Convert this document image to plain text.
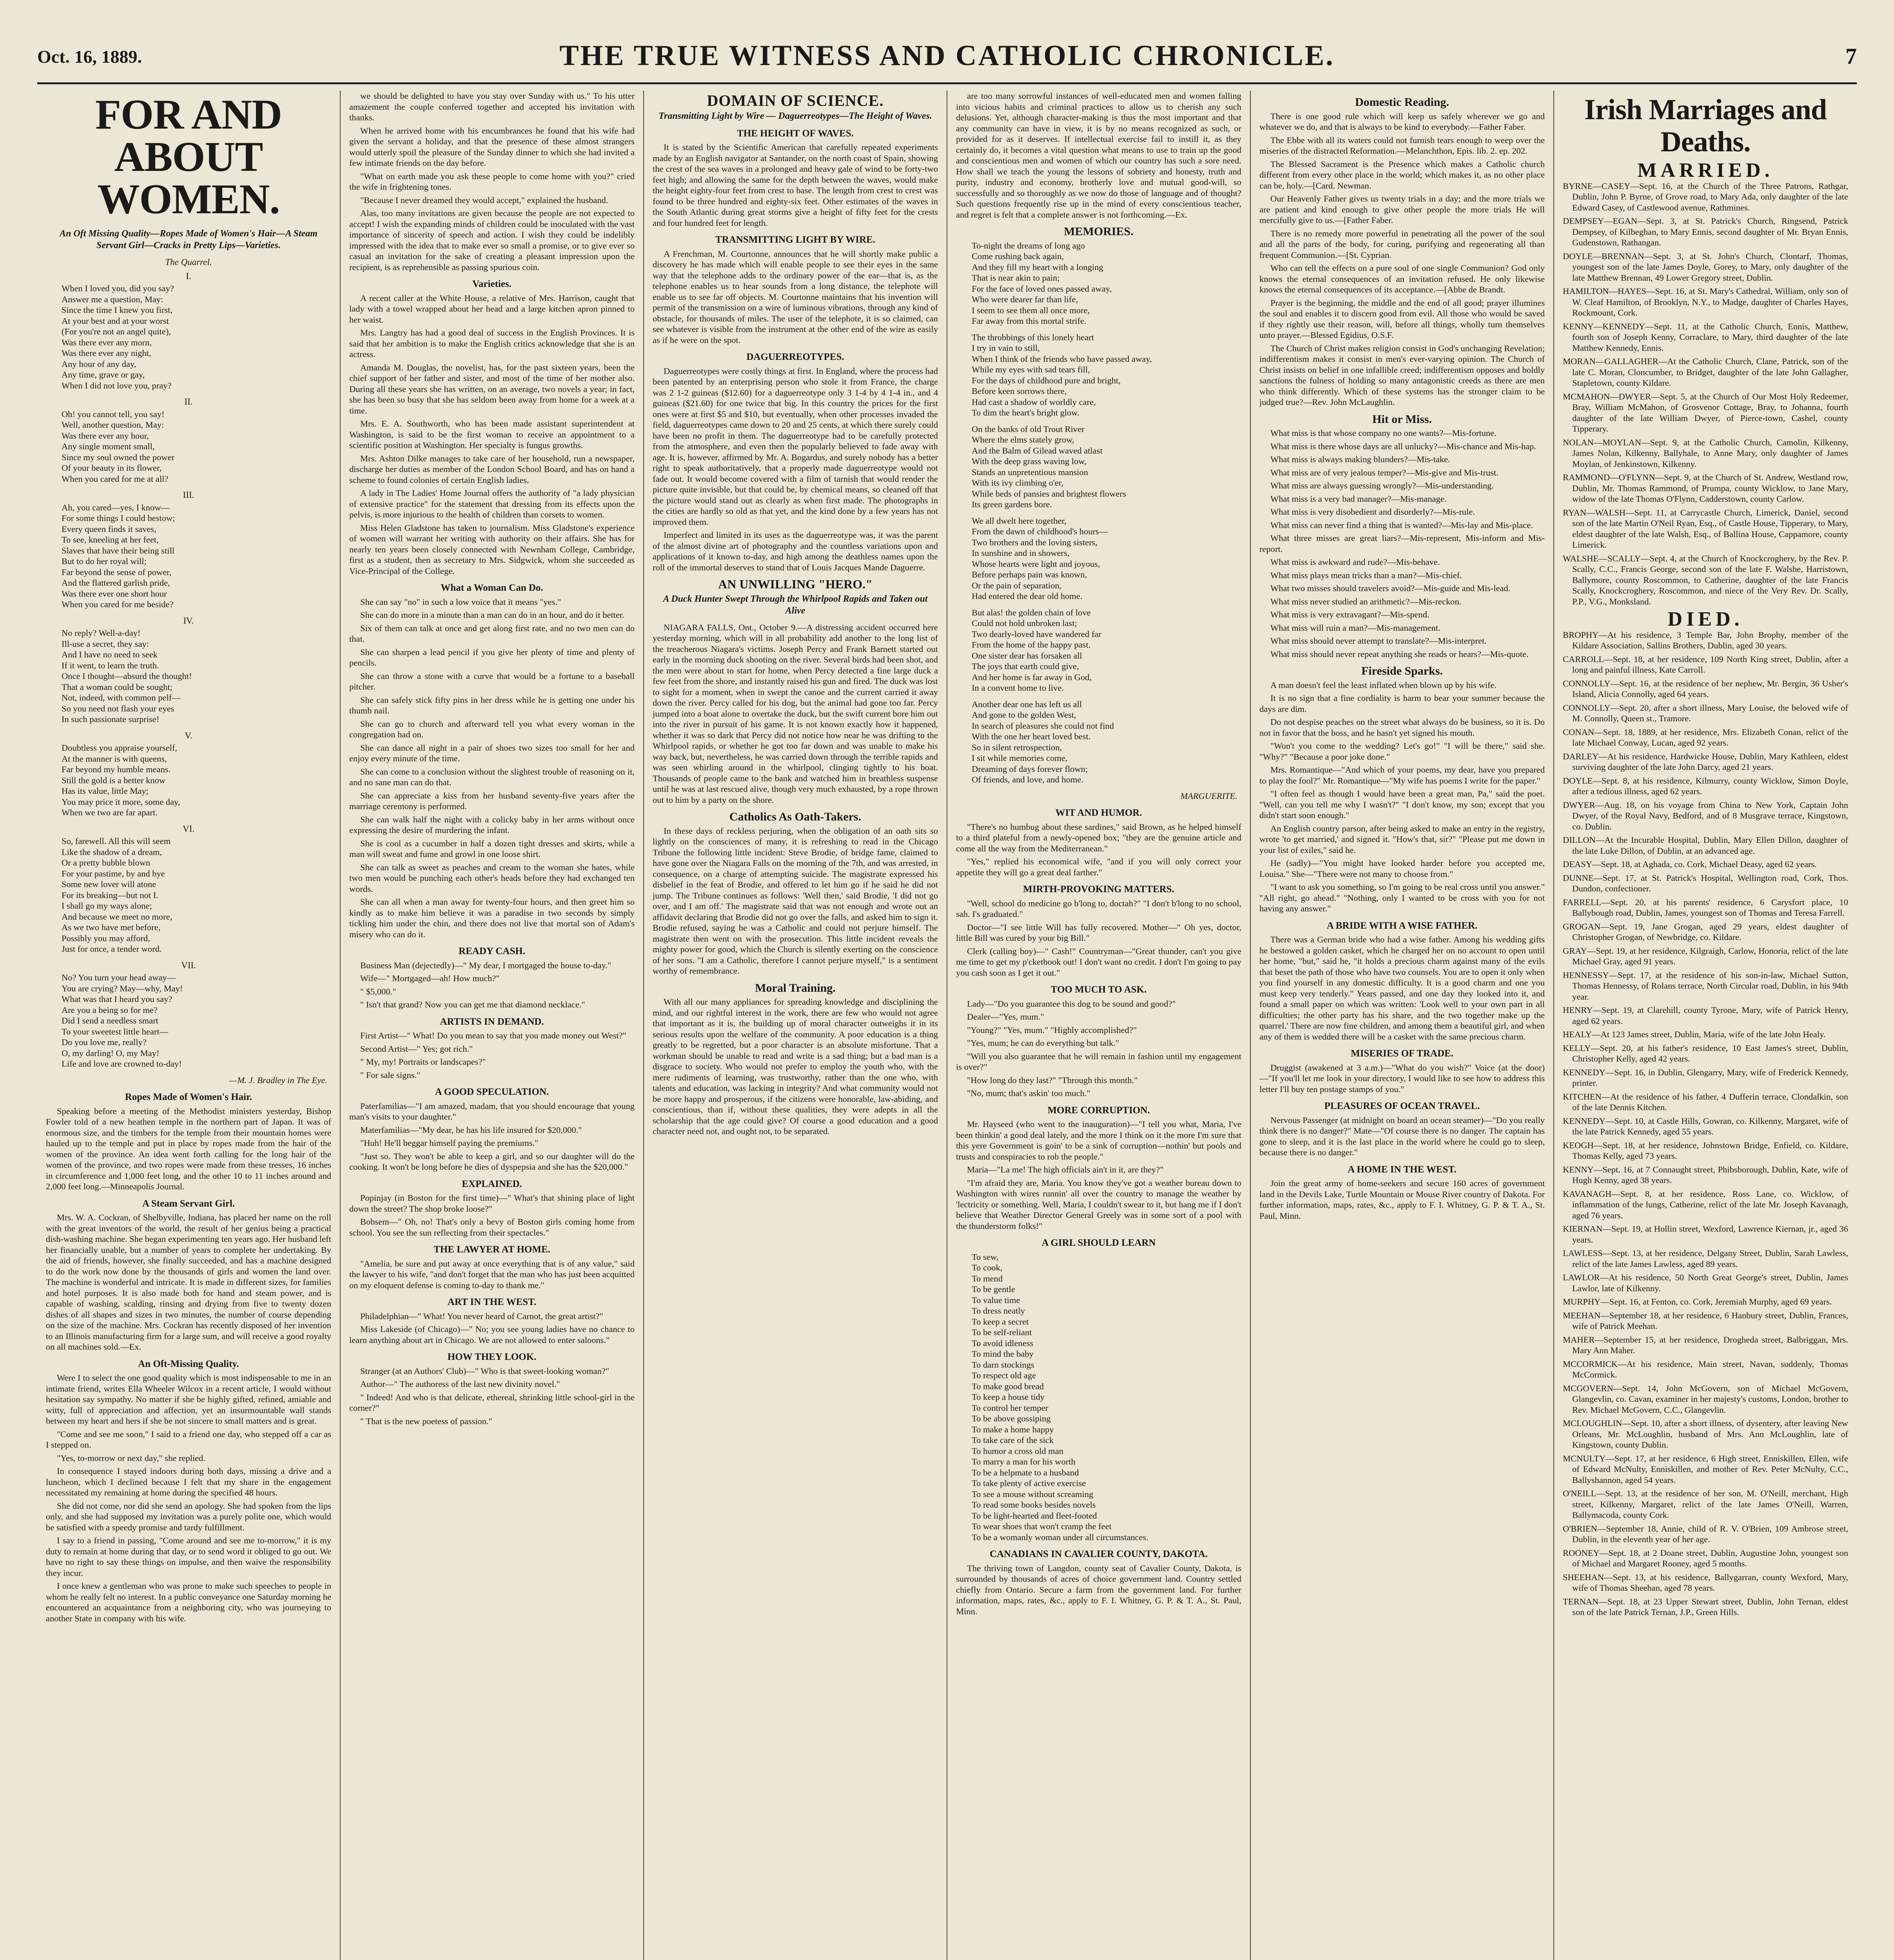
Oct. 16, 1889.	THE TRUE WITNESS AND CATHOLIC CHRONICLE.	7
FOR AND ABOUT WOMEN.
An Oft Missing Quality—Ropes Made of Women's Hair—A Steam Servant Girl—Cracks in Pretty Lips—Varieties.
The Quarrel.
I.
When I loved you, did you say?
Answer me a question, May:
Since the time I knew you first,
At your best and at your worst
(For you're not an angel quite),
Was there ever any morn,
Was there ever any night,
Any hour of any day,
Any time, grave or gay,
When I did not love you, pray?
II.
Oh! you cannot tell, you say!
Well, another question, May:
Was there ever any hour,
Any single moment small,
Since my soul owned the power
Of your beauty in its flower,
When you cared for me at all?
III.
Ah, you cared—yes, I know—
For some things I could bestow;
Every queen finds it saves,
To see, kneeling at her feet,
Slaves that have their being still
But to do her royal will;
Far beyond the sense of power,
And the flattered garlish pride,
Was there ever one short hour
When you cared for me beside?
IV.
No reply? Well-a-day!
Ill-use a secret, they say:
And I have no need to seek
If it went, to learn the truth.
Once I thought—absurd the thought!
That a woman could be sought;
Not, indeed, with common pelf—
So you need not flash your eyes
In such passionate surprise!
V.
Doubtless you appraise yourself,
At the manner is with queens,
Far beyond my humble means.
Still the gold is a better know
Has its value, little May;
You may price it more, some day,
When we two are far apart.
VI.
So, farewell. All this will seem
Like the shadow of a dream,
Or a pretty bubble blown
For your pastime, by and bye
Some new lover will atone
For its breaking—but not I.
I shall go my ways alone;
And because we meet no more,
As we two have met before,
Possibly you may afford,
Just for once, a tender word.
VII.
No? You turn your head away—
You are crying? May—why, May!
What was that I heard you say?
Are you a being so for me?
Did I send a needless smart
To your sweetest little heart—
Do you love me, really?
O, my darling! O, my May!
Life and love are crowned to-day!
—M. J. Bradley in The Eye.
Ropes Made of Women's Hair.

Speaking before a meeting of the Methodist ministers yesterday, Bishop Fowler told of a new heathen temple in the northern part of Japan. It was of enormous size, and the timbers for the temple from their mountain homes were hauled up to the temple and put in place by ropes made from the hair of the women of the province. An idea went forth calling for the long hair of the women of the province, and two ropes were made from these tresses, 16 inches in circumference and 1,000 feet long, and the other 10 to 11 inches around and 2,000 feet long.—Minneapolis Journal.

A Steam Servant Girl.

Mrs. W. A. Cockran, of Shelbyville, Indiana, has placed her name on the roll with the great inventors of the world, the result of her genius being a practical dish-washing machine. She began experimenting ten years ago. Her husband left her financially unable, but a number of years to complete her undertaking. By the aid of friends, however, she finally succeeded, and has a machine designed to do the work now done by the thousands of girls and women the land over. The machine is wonderful and intricate. It is made in different sizes, for families and hotel purposes. It is also made both for hand and steam power, and is capable of washing, scalding, rinsing and drying from five to twenty dozen dishes of all shapes and sizes in two minutes, the number of course depending on the size of the machine. Mrs. Cockran has recently disposed of her invention to an Illinois manufacturing firm for a large sum, and will receive a good royalty on all machines sold.—Ex.

An Oft-Missing Quality.

Were I to select the one good quality which is most indispensable to me in an intimate friend, writes Ella Wheeler Wilcox in a recent article, I would without hesitation say sympathy. No matter if she be highly gifted, refined, amiable and witty, full of appreciation and affection, yet an insurmountable wall stands between my heart and hers if she be not sincere to small matters and is great.

"Come and see me soon," I said to a friend one day, who stepped off a car as I stepped on.

"Yes, to-morrow or next day," she replied.

In consequence I stayed indoors during both days, missing a drive and a luncheon, which I declined because I felt that my share in the engagement necessitated my remaining at home during the specified 48 hours.

She did not come, nor did she send an apology. She had spoken from the lips only, and she had supposed my invitation was a purely polite one, which would be satisfied with a speedy promise and tardy fulfillment.

I say to a friend in passing, "Come around and see me to-morrow," it is my duty to remain at home during that day, or to send word it obliged to go out. We have no right to say these things on impulse, and then waive the responsibility they incur.

I once knew a gentleman who was prone to make such speeches to people in whom he really felt no interest. In a public conveyance one Saturday morning he encountered an acquaintance from a neighboring city, who was journeying to another State in company with his wife.

we should be delighted to have you stay over Sunday with us." To his utter amazement the couple conferred together and accepted his invitation with thanks.

When he arrived home with his encumbrances he found that his wife had given the servant a holiday, and that the presence of these almost strangers would utterly spoil the pleasure of the Sunday dinner to which she had invited a few intimate friends on the day before.

"What on earth made you ask these people to come home with you?" cried the wife in frightening tones.

"Because I never dreamed they would accept," explained the husband.

Alas, too many invitations are given because the people are not expected to accept! I wish the expanding minds of children could be inoculated with the vast importance of sincerity of speech and action. I wish they could be indelibly impressed with the idea that to make ever so small a promise, or to give ever so casual an invitation for the sake of creating a pleasant impression upon the recipient, is as reprehensible as passing spurious coin.

Varieties.

A recent caller at the White House, a relative of Mrs. Harrison, caught that lady with a towel wrapped about her head and a large kitchen apron pinned to her waist.

Mrs. Langtry has had a good deal of success in the English Provinces. It is said that her ambition is to make the English critics acknowledge that she is an actress.

Amanda M. Douglas, the novelist, has, for the past sixteen years, been the chief support of her father and sister, and most of the time of her mother also. During all these years she has written, on an average, two novels a year; in fact, she has been so busy that she has seldom been away from home for a week at a time.

Mrs. E. A. Southworth, who has been made assistant superintendent at Washington, is said to be the first woman to receive an appointment to a scientific position at Washington. Her specialty is fungus growths.

Mrs. Ashton Dilke manages to take care of her household, run a newspaper, discharge her duties as member of the London School Board, and has on hand a scheme to found colonies of certain English ladies.

A lady in The Ladies' Home Journal offers the authority of "a lady physician of extensive practice" for the statement that dressing from its effects upon the pelvis, is more injurious to the health of children than corsets to women.

Miss Helen Gladstone has taken to journalism. Miss Gladstone's experience of women will warrant her writing with authority on their affairs. She has for nearly ten years been closely connected with Newnham College, Cambridge, first as a student, then as secretary to Mrs. Sidgwick, whom she succeeded as Vice-Principal of the College.

What a Woman Can Do.

She can say "no" in such a low voice that it means "yes."

She can do more in a minute than a man can do in an hour, and do it better.

Six of them can talk at once and get along first rate, and no two men can do that.

She can sharpen a lead pencil if you give her plenty of time and plenty of pencils.

She can throw a stone with a curve that would be a fortune to a baseball pitcher.

She can safely stick fifty pins in her dress while he is getting one under his thumb nail.

She can go to church and afterward tell you what every woman in the congregation had on.

She can dance all night in a pair of shoes two sizes too small for her and enjoy every minute of the time.

She can come to a conclusion without the slightest trouble of reasoning on it, and no sane man can do that.

She can appreciate a kiss from her husband seventy-five years after the marriage ceremony is performed.

She can walk half the night with a colicky baby in her arms without once expressing the desire of murdering the infant.

She is cool as a cucumber in half a dozen tight dresses and skirts, while a man will sweat and fume and growl in one loose shirt.

She can talk as sweet as peaches and cream to the woman she hates, while two men would be punching each other's heads before they had exchanged ten words.

She can all when a man away for twenty-four hours, and then greet him so kindly as to make him believe it was a paradise in two seconds by simply tickling him under the chin, and there does not live that mortal son of Adam's misery who can do it.

READY CASH.

Business Man (dejectedly)—" My dear, I mortgaged the house to-day."

Wife—" Mortgaged—ah! How much?"

" $5,000."

" Isn't that grand? Now you can get me that diamond necklace."

ARTISTS IN DEMAND.

First Artist—" What! Do you mean to say that you made money out West?"

Second Artist—" Yes; got rich."

" My, my! Portraits or landscapes?"

" For sale signs."

A GOOD SPECULATION.

Paterfamilias—"I am amazed, madam, that you should encourage that young man's visits to your daughter."

Materfamilias—"My dear, he has his life insured for $20,000."

"Huh! He'll beggar himself paying the premiums."

"Just so. They won't be able to keep a girl, and so our daughter will do the cooking. It won't be long before he dies of dyspepsia and she has the $20,000."

EXPLAINED.

Popinjay (in Boston for the first time)—" What's that shining place of light down the street? The shop broke loose?"

Bobsem—" Oh, no! That's only a bevy of Boston girls coming home from school. You see the sun reflecting from their spectacles."

THE LAWYER AT HOME.

"Amelia, be sure and put away at once everything that is of any value," said the lawyer to his wife, "and don't forget that the man who has just been acquitted on my eloquent defense is coming to-day to thank me."

ART IN THE WEST.

Philadelphian—" What! You never heard of Carnot, the great artist?"

Miss Lakeside (of Chicago)—" No; you see young ladies have no chance to learn anything about art in Chicago. We are not allowed to enter saloons."

HOW THEY LOOK.

Stranger (at an Authors' Club)—" Who is that sweet-looking woman?"

Author—" The authoress of the last new divinity novel."

" Indeed! And who is that delicate, ethereal, shrinking little school-girl in the corner?"

" That is the new poetess of passion."

DOMAIN OF SCIENCE.
Transmitting Light by Wire — Daguerreotypes—The Height of Waves.
THE HEIGHT OF WAVES.

It is stated by the Scientific American that carefully repeated experiments made by an English navigator at Santander, on the north coast of Spain, showing the crest of the sea waves in a prolonged and heavy gale of wind to be forty-two feet high; and allowing the same for the depth between the waves, would make the height eighty-four feet from crest to base. The length from crest to crest was found to be three hundred and eighty-six feet. Other estimates of the waves in the South Atlantic during great storms give a height of fifty feet for the crests and four hundred feet for length.

TRANSMITTING LIGHT BY WIRE.

A Frenchman, M. Courtonne, announces that he will shortly make public a discovery he has made which will enable people to see their eyes in the same way that the telephone adds to the ordinary power of the ear—that is, as the telephone enables us to hear sounds from a long distance, the telephote will enable us to see far off objects. M. Courtonne maintains that his invention will permit of the transmission on a wire of luminous vibrations, through any kind of obstacle, for thousands of miles. The user of the telephote, it is so claimed, can see whatever is visible from the instrument at the other end of the wire as easily as if he were on the spot.

DAGUERREOTYPES.

Daguerreotypes were costly things at first. In England, where the process had been patented by an enterprising person who stole it from France, the charge was 2 1-2 guineas ($12.60) for a daguerreotype only 3 1-4 by 4 1-4 in., and 4 guineas ($21.60) for one twice that big. In this country the prices for the first ones were at first $5 and $10, but eventually, when other processes invaded the field, daguerreotypes came down to 20 and 25 cents, at which there surely could have been no profit in them. The daguerreotype had to be carefully protected from the atmosphere, and even then the popularly believed to fade away with age. It is, however, affirmed by Mr. A. Bogardus, and surely nobody has a better right to speak authoritatively, that a properly made daguerreotype would not fade out. It would become covered with a film of tarnish that would render the picture quite invisible, but that could be, by chemical means, so cleaned off that the picture would stand out as clearly as when first made. The photographs in the cities are hardly so old as that yet, and the kind done by a few years has not improved them.

Imperfect and limited in its uses as the daguerreotype was, it was the parent of the almost divine art of photography and the countless variations upon and applications of it known to-day, and high among the deathless names upon the roll of the immortal deserves to stand that of Louis Jacques Mande Daguerre.

AN UNWILLING "HERO."
A Duck Hunter Swept Through the Whirlpool Rapids and Taken out Alive

NIAGARA FALLS, Ont., October 9.—A distressing accident occurred here yesterday morning, which will in all probability add another to the long list of the treacherous Niagara's victims. Joseph Percy and Frank Barnett started out early in the morning duck shooting on the river. Several birds had been shot, and the men were about to start for home, when Percy detected a fine large duck a few feet from the shore, and instantly raised his gun and fired. The duck was lost to sight for a moment, when in swept the canoe and the current carried it away down the river. Percy called for his dog, but the animal had gone too far. Percy jumped into a boat alone to overtake the duck, but the swift current bore him out into the river in pursuit of his game. It is not known exactly how it happened, whether it was so dark that Percy did not notice how near he was drifting to the Whirlpool rapids, or whether he got too far down and was unable to make his way back, but, nevertheless, he was carried down through the terrible rapids and was seen whirling around in the whirlpool, clinging tightly to his boat. Thousands of people came to the bank and watched him in breathless suspense until he was at last rescued alive, though very much exhausted, by a rope thrown out to him by a party on the shore.

Catholics As Oath-Takers.

In these days of reckless perjuring, when the obligation of an oath sits so lightly on the consciences of many, it is refreshing to read in the Chicago Tribune the following little incident: Steve Brodie, of bridge fame, claimed to have gone over the Niagara Falls on the morning of the 7th, and was arrested, in consequence, on a charge of attempting suicide. The magistrate expressed his disbelief in the feat of Brodie, and offered to let him go if he said he did not jump. The Tribune continues as follows: 'Well then,' said Brodie, 'I did not go over, and I am off.' The magistrate said that was not enough and wrote out an affidavit declaring that Brodie did not go over the falls, and asked him to sign it. Brodie refused, saying he was a Catholic and could not perjure himself. The magistrate then went on with the prosecution. This little incident reveals the mighty power for good, which the Church is silently exerting on the conscience of her sons. "I am a Catholic, therefore I cannot perjure myself," is a sentiment worthy of remembrance.

Moral Training.

With all our many appliances for spreading knowledge and disciplining the mind, and our rightful interest in the work, there are few who would not agree that important as it is, the building up of moral character outweighs it in its serious results upon the welfare of the community. A poor education is a thing greatly to be regretted, but a poor character is an absolute misfortune. That a workman should be unable to read and write is a sad thing; but a bad man is a disgrace to society. Who would not prefer to employ the youth who, with the mere rudiments of learning, was trustworthy, rather than the one who, with talents and education, was lacking in integrity? And what community would not be more happy and prosperous, if the citizens were honorable, law-abiding, and conscientious, than if, without these qualities, they were adepts in all the scholarship that the age could give? Of course a good education and a good character need not, and ought not, to be separated.

are too many sorrowful instances of well-educated men and women falling into vicious habits and criminal practices to allow us to cherish any such delusions. Yet, although character-making is thus the most important and that any community can have in view, it is by no means recognized as such, or provided for as it deserves. If intellectual exercise fail to instill it, as they certainly do, it becomes a vital question what means to use to train up the good and conscientious men and women of which our country has such a sore need. How shall we teach the young the lessons of sobriety and honesty, truth and purity, industry and economy, brotherly love and mutual good-will, so successfully and so thoroughly as we now do those of language and of thought? Such questions frequently rise up in the mind of every conscientious teacher, and regret is felt that a complete answer is not forthcoming.—Ex.

MEMORIES.
To-night the dreams of long ago
Come rushing back again,
And they fill my heart with a longing
That is near akin to pain;
For the face of loved ones passed away,
Who were dearer far than life,
I seem to see them all once more,
Far away from this mortal strife.
The throbbings of this lonely heart
I try in vain to still,
When I think of the friends who have passed away,
While my eyes with sad tears fill,
For the days of childhood pure and bright,
Before keen sorrows there,
Had cast a shadow of worldly care,
To dim the heart's bright glow.
On the banks of old Trout River
Where the elms stately grow,
And the Balm of Gilead waved atlast
With the deep grass waving low,
Stands an unpretentious mansion
With its ivy climbing o'er,
While beds of pansies and brightest flowers
Its green gardens bore.
We all dwelt here together,
From the dawn of childhood's hours—
Two brothers and the loving sisters,
In sunshine and in showers,
Whose hearts were light and joyous,
Before perhaps pain was known,
Or the pain of separation,
Had entered the dear old home.
But alas! the golden chain of love
Could not hold unbroken last;
Two dearly-loved have wandered far
From the home of the happy past.
One sister dear has forsaken all
The joys that earth could give,
And her home is far away in God,
In a convent home to live.
Another dear one has left us all
And gone to the golden West,
In search of pleasures she could not find
With the one her heart loved best.
So in silent retrospection,
I sit while memories come,
Dreaming of days forever flown;
Of friends, and love, and home.
MARGUERITE.
WIT AND HUMOR.

"There's no humbug about these sardines," said Brown, as he helped himself to a third plateful from a newly-opened box; "they are the genuine article and come all the way from the Mediterranean."

"Yes," replied his economical wife, "and if you will only correct your appetite they will go a great deal farther."

MIRTH-PROVOKING MATTERS.

"Well, school do medicine go b'long to, doctah?" "I don't b'long to no school, sah. I's graduated."

Doctor—"I see little Will has fully recovered. Mother—" Oh yes, doctor, little Bill was cured by your big Bill."

Clerk (calling boy)—" Cash!" Countryman—"Great thunder, can't you give me time to get my p'cketbook out! I don't want no credit. I don't I'm going to pay you cash soon as I get it out."

TOO MUCH TO ASK.

Lady—"Do you guarantee this dog to be sound and good?"

Dealer—"Yes, mum."

"Young?" "Yes, mum." "Highly accomplished?"

"Yes, mum; he can do everything but talk."

"Will you also guarantee that he will remain in fashion until my engagement is over?"

"How long do they last?" "Through this month."

"No, mum; that's askin' too much."

MORE CORRUPTION.

Mr. Hayseed (who went to the inauguration)—"I tell you what, Maria, I've been thinkin' a good deal lately, and the more I think on it the more I'm sure that this yere Government is goin' to be a sink of corruption—nothin' but pools and trusts and conspiracies to rob the people."

Maria—"La me! The high officials ain't in it, are they?"

"I'm afraid they are, Maria. You know they've got a weather bureau down to Washington with wires runnin' all over the country to manage the weather by 'lectricity or something. Well, Maria, I couldn't swear to it, but hang me if I don't believe that Weather Director General Greely was in some sort of a pool with the thunderstorm folks!"

A GIRL SHOULD LEARN
To sew,
To cook,
To mend
To be gentle
To value time
To dress neatly
To keep a secret
To be self-reliant
To avoid idleness
To mind the baby
To darn stockings
To respect old age
To make good bread
To keep a house tidy
To control her temper
To be above gossiping
To make a home happy
To take care of the sick
To humor a cross old man
To marry a man for his worth
To be a helpmate to a husband
To take plenty of active exercise
To see a mouse without screaming
To read some books besides novels
To be light-hearted and fleet-footed
To wear shoes that won't cramp the feet
To be a womanly woman under all circumstances.
CANADIANS IN CAVALIER COUNTY, DAKOTA.

The thriving town of Langdon, county seat of Cavalier County, Dakota, is surrounded by thousands of acres of choice government land. Country settled chiefly from Ontario. Secure a farm from the government land. For further information, maps, rates, &c., apply to F. I. Whitney, G. P. & T. A., St. Paul, Minn.

Domestic Reading.

There is one good rule which will keep us safely wherever we go and whatever we do, and that is always to be kind to everybody.—Father Faber.

The Ebbe with all its waters could not furnish tears enough to weep over the miseries of the distracted Reformation.—Melanchthon, Epis. lib. 2. ep. 202.

The Blessed Sacrament is the Presence which makes a Catholic church different from every other place in the world; which makes it, as no other place can be, holy.—[Card. Newman.

Our Heavenly Father gives us twenty trials in a day; and the more trials we are patient and kind enough to give other people the more trials He will mercifully give to us.—[Father Faber.

There is no remedy more powerful in penetrating all the power of the soul and all the parts of the body, for curing, purifying and regenerating all than frequent Communion.—[St. Cyprian.

Who can tell the effects on a pure soul of one single Communion? God only knows the eternal consequences of an invitation refused. He only likewise knows the eternal consequences of its acceptance.—[Abbe de Brandt.

Prayer is the beginning, the middle and the end of all good; prayer illumines the soul and enables it to discern good from evil. All those who would be saved if they rightly use their reason, will, before all things, wholly turn themselves unto prayer.—Blessed Egidius, O.S.F.

The Church of Christ makes religion consist in God's unchanging Revelation; indifferentism makes it consist in men's ever-varying opinion. The Church of Christ insists on belief in one infallible creed; indifferentism opposes and boldly sanctions the fulness of holding so many antagonistic creeds as there are men who think differently. Which of these systems has the stronger claim to be judged true?—Rev. John McLaughlin.

Hit or Miss.

What miss is that whose company no one wants?—Mis-fortune.

What miss is there whose days are all unlucky?—Mis-chance and Mis-hap.

What miss is always making blunders?—Mis-take.

What miss are of very jealous temper?—Mis-give and Mis-trust.

What miss are always guessing wrongly?—Mis-understanding.

What miss is a very bad manager?—Mis-manage.

What miss is very disobedient and disorderly?—Mis-rule.

What miss can never find a thing that is wanted?—Mis-lay and Mis-place.

What three misses are great liars?—Mis-represent, Mis-inform and Mis-report.

What miss is awkward and rude?—Mis-behave.

What miss plays mean tricks than a man?—Mis-chief.

What two misses should travelers avoid?—Mis-guide and Mis-lead.

What miss never studied an arithmetic?—Mis-reckon.

What miss is very extravagant?—Mis-spend.

What miss will ruin a man?—Mis-management.

What miss should never attempt to translate?—Mis-interpret.

What miss should never repeat anything she reads or hears?—Mis-quote.

Fireside Sparks.

A man doesn't feel the least inflated when blown up by his wife.

It is no sign that a fine cordiality is harm to bear your summer because the days are dim.

Do not despise peaches on the street what always do be business, so it is. Do not in favor that the boss, and he hasn't yet signed his mouth.

"Won't you come to the wedding? Let's go!" "I will be there," said she. "Why?" "Because a poor joke done."

Mrs. Romantique—"And which of your poems, my dear, have you prepared to play the fool?" Mr. Romantique—"My wife has poems I write for the paper."

"I often feel as though I would have been a great man, Pa," said the poet. "Well, can you tell me why I wasn't?" "I don't know, my son; except that you didn't start soon enough."

An English country parson, after being asked to make an entry in the registry, wrote 'to get married,' and signed it. "How's that, sir?" "Please put me down in your list of exiles," said he.

He (sadly)—"You might have looked harder before you accepted me, Louisa." She—"There were not many to choose from."

"I want to ask you something, so I'm going to be real cross until you answer." "All right, go ahead." "Nothing, only I wanted to be cross with you for not having any answer."

A BRIDE WITH A WISE FATHER.

There was a German bride who had a wise father. Among his wedding gifts he bestowed a golden casket, which he charged her on no account to open until her home, "but," said he, "it holds a precious charm against many of the evils that beset the path of those who have two counsels. You are to open it only when you find yourself in any domestic difficulty. It is a good charm and one you must keep very tenderly." Years passed, and one day they looked into it, and found a small paper on which was written: 'Look well to your own part in all difficulties; the other party has his share, and the two together make up the quarrel.' There are now fine children, and among them a beautiful girl, and when any of them is wedded there will be a casket with the same precious charm.

MISERIES OF TRADE.

Druggist (awakened at 3 a.m.)—"What do you wish?" Voice (at the door)—"If you'll let me look in your directory, I would like to see how to address this letter I'll buy ten postage stamps of you."

PLEASURES OF OCEAN TRAVEL.

Nervous Passenger (at midnight on board an ocean steamer)—"Do you really think there is no danger?" Mate—"Of course there is no danger. The captain has gone to sleep, and it is the last place in the world where he could go to sleep, because there is no danger."

A HOME IN THE WEST.

Join the great army of home-seekers and secure 160 acres of government land in the Devils Lake, Turtle Mountain or Mouse River country of Dakota. For further information, maps, rates, &c., apply to F. I. Whitney, G. P. & T. A., St. Paul, Minn.

Irish Marriages and Deaths.
MARRIED.

BYRNE—CASEY—Sept. 16, at the Church of the Three Patrons, Rathgar, Dublin, John P. Byrne, of Grove road, to Mary Ada, only daughter of the late Edward Casey, of Castlewood avenue, Rathmines.

DEMPSEY—EGAN—Sept. 3, at St. Patrick's Church, Ringsend, Patrick Dempsey, of Kilbeghan, to Mary Ennis, second daughter of Mr. Bryan Ennis, Gudenstown, Rathangan.

DOYLE—BRENNAN—Sept. 3, at St. John's Church, Clontarf, Thomas, youngest son of the late James Doyle, Gorey, to Mary, only daughter of the late Matthew Brennan, 49 Lower Gregory street, Dublin.

HAMILTON—HAYES—Sept. 16, at St. Mary's Cathedral, William, only son of W. Cleaf Hamilton, of Brooklyn, N.Y., to Madge, daughter of Charles Hayes, Rockmount, Cork.

KENNY—KENNEDY—Sept. 11, at the Catholic Church, Ennis, Matthew, fourth son of Joseph Kenny, Corraclare, to Mary, third daughter of the late Matthew Kennedy, Ennis.

MORAN—GALLAGHER—At the Catholic Church, Clane, Patrick, son of the late C. Moran, Cloncumber, to Bridget, daughter of the late John Gallagher, Stapletown, county Kildare.

MCMAHON—DWYER—Sept. 5, at the Church of Our Most Holy Redeemer, Bray, William McMahon, of Grosvenor Cottage, Bray, to Johanna, fourth daughter of the late William Dwyer, of Pierce-town, Cashel, county Tipperary.

NOLAN—MOYLAN—Sept. 9, at the Catholic Church, Camolin, Kilkenny, James Nolan, Kilkenny, Ballyhale, to Anne Mary, only daughter of James Moylan, of Jenkinstown, Kilkenny.

RAMMOND—O'FLYNN—Sept. 9, at the Church of St. Andrew, Westland row, Dublin, Mr. Thomas Rammond, of Prumpa, county Wicklow, to Jane Mary, widow of the late Thomas O'Flynn, Cadderstown, county Carlow.

RYAN—WALSH—Sept. 11, at Carrycastle Church, Limerick, Daniel, second son of the late Martin O'Neil Ryan, Esq., of Castle House, Tipperary, to Mary, eldest daughter of the late Walsh, Esq., of Ballina House, Cappamore, county Limerick.

WALSHE—SCALLY—Sept. 4, at the Church of Knockcroghery, by the Rev. P. Scally, C.C., Francis George, second son of the late F. Walshe, Harristown, Ballymore, county Roscommon, to Catherine, daughter of the late Francis Scally, Knockcroghery, Roscommon, and niece of the Very Rev. Dr. Scally, P.P., V.G., Monksland.

DIED.

BROPHY—At his residence, 3 Temple Bar, John Brophy, member of the Kildare Association, Sallins Brothers, Dublin, aged 30 years.

CARROLL—Sept. 18, at her residence, 109 North King street, Dublin, after a long and painful illness, Kate Carroll.

CONNOLLY—Sept. 16, at the residence of her nephew, Mr. Bergin, 36 Usher's Island, Alicia Connolly, aged 64 years.

CONNOLLY—Sept. 20, after a short illness, Mary Louise, the beloved wife of M. Connolly, Queen st., Tramore.

CONAN—Sept. 18, 1889, at her residence, Mrs. Elizabeth Conan, relict of the late Michael Conway, Lucan, aged 92 years.

DARLEY—At his residence, Hardwicke House, Dublin, Mary Kathleen, eldest surviving daughter of the late John Darcy, aged 21 years.

DOYLE—Sept. 8, at his residence, Kilmurry, county Wicklow, Simon Doyle, after a tedious illness, aged 62 years.

DWYER—Aug. 18, on his voyage from China to New York, Captain John Dwyer, of the Royal Navy, Bedford, and of 8 Musgrave terrace, Kingstown, co. Dublin.

DILLON—At the Incurable Hospital, Dublin, Mary Ellen Dillon, daughter of the late Luke Dillon, of Dublin, at an advanced age.

DEASY—Sept. 18, at Aghada, co. Cork, Michael Deasy, aged 62 years.

DUNNE—Sept. 17, at St. Patrick's Hospital, Wellington road, Cork, Thos. Dundon, confectioner.

FARRELL—Sept. 20, at his parents' residence, 6 Carysfort place, 10 Ballybough road, Dublin, James, youngest son of Thomas and Teresa Farrell.

GROGAN—Sept. 19, Jane Grogan, aged 29 years, eldest daughter of Christopher Grogan, of Newbridge, co. Kildare.

GRAY—Sept. 19, at her residence, Kilgraigh, Carlow, Honoria, relict of the late Michael Gray, aged 91 years.

HENNESSY—Sept. 17, at the residence of his son-in-law, Michael Sutton, Thomas Hennessy, of Rolans terrace, North Circular road, Dublin, in his 94th year.

HENRY—Sept. 19, at Clarehill, county Tyrone, Mary, wife of Patrick Henry, aged 62 years.

HEALY—At 123 James street, Dublin, Maria, wife of the late John Healy.

KELLY—Sept. 20, at his father's residence, 10 East James's street, Dublin, Christopher Kelly, aged 42 years.

KENNEDY—Sept. 16, in Dublin, Glengarry, Mary, wife of Frederick Kennedy, printer.

KITCHEN—At the residence of his father, 4 Dufferin terrace, Clondalkin, son of the late Dennis Kitchen.

KENNEDY—Sept. 10, at Castle Hills, Gowran, co. Kilkenny, Margaret, wife of the late Patrick Kennedy, aged 55 years.

KEOGH—Sept. 18, at her residence, Johnstown Bridge, Enfield, co. Kildare, Thomas Kelly, aged 73 years.

KENNY—Sept. 16, at 7 Connaught street, Phibsborough, Dublin, Kate, wife of Hugh Kenny, aged 38 years.

KAVANAGH—Sept. 8, at her residence, Ross Lane, co. Wicklow, of inflammation of the lungs, Catherine, relict of the late Mr. Joseph Kavanagh, aged 76 years.

KIERNAN—Sept. 19, at Hollin street, Wexford, Lawrence Kiernan, jr., aged 36 years.

LAWLESS—Sept. 13, at her residence, Delgany Street, Dublin, Sarah Lawless, relict of the late James Lawless, aged 89 years.

LAWLOR—At his residence, 50 North Great George's street, Dublin, James Lawlor, late of Kilkenny.

MURPHY—Sept. 16, at Fenton, co. Cork, Jeremiah Murphy, aged 69 years.

MEEHAN—September 18, at her residence, 6 Hanbury street, Dublin, Frances, wife of Patrick Meehan.

MAHER—September 15, at her residence, Drogheda street, Balbriggan, Mrs. Mary Ann Maher.

MCCORMICK—At his residence, Main street, Navan, suddenly, Thomas McCormick.

MCGOVERN—Sept. 14, John McGovern, son of Michael McGovern, Glangevlin, co. Cavan, examiner in her majesty's customs, London, brother to Rev. Michael McGovern, C.C., Glangevlin.

MCLOUGHLIN—Sept. 10, after a short illness, of dysentery, after leaving New Orleans, Mr. McLoughlin, husband of Mrs. Ann McLoughlin, late of Kingstown, county Dublin.

MCNULTY—Sept. 17, at her residence, 6 High street, Enniskillen, Ellen, wife of Edward McNulty, Enniskillen, and mother of Rev. Peter McNulty, C.C., Ballyshannon, aged 54 years.

O'NEILL—Sept. 13, at the residence of her son, M. O'Neill, merchant, High street, Kilkenny, Margaret, relict of the late James O'Neill, Warren, Ballymacoda, county Cork.

O'BRIEN—September 18, Annie, child of R. V. O'Brien, 109 Ambrose street, Dublin, in the eleventh year of her age.

ROONEY—Sept. 18, at 2 Doane street, Dublin, Augustine John, youngest son of Michael and Margaret Rooney, aged 5 months.

SHEEHAN—Sept. 13, at his residence, Ballygarran, county Wexford, Mary, wife of Thomas Sheehan, aged 78 years.

TERNAN—Sept. 18, at 23 Upper Stewart street, Dublin, John Ternan, eldest son of the late Patrick Ternan, J.P., Green Hills.
